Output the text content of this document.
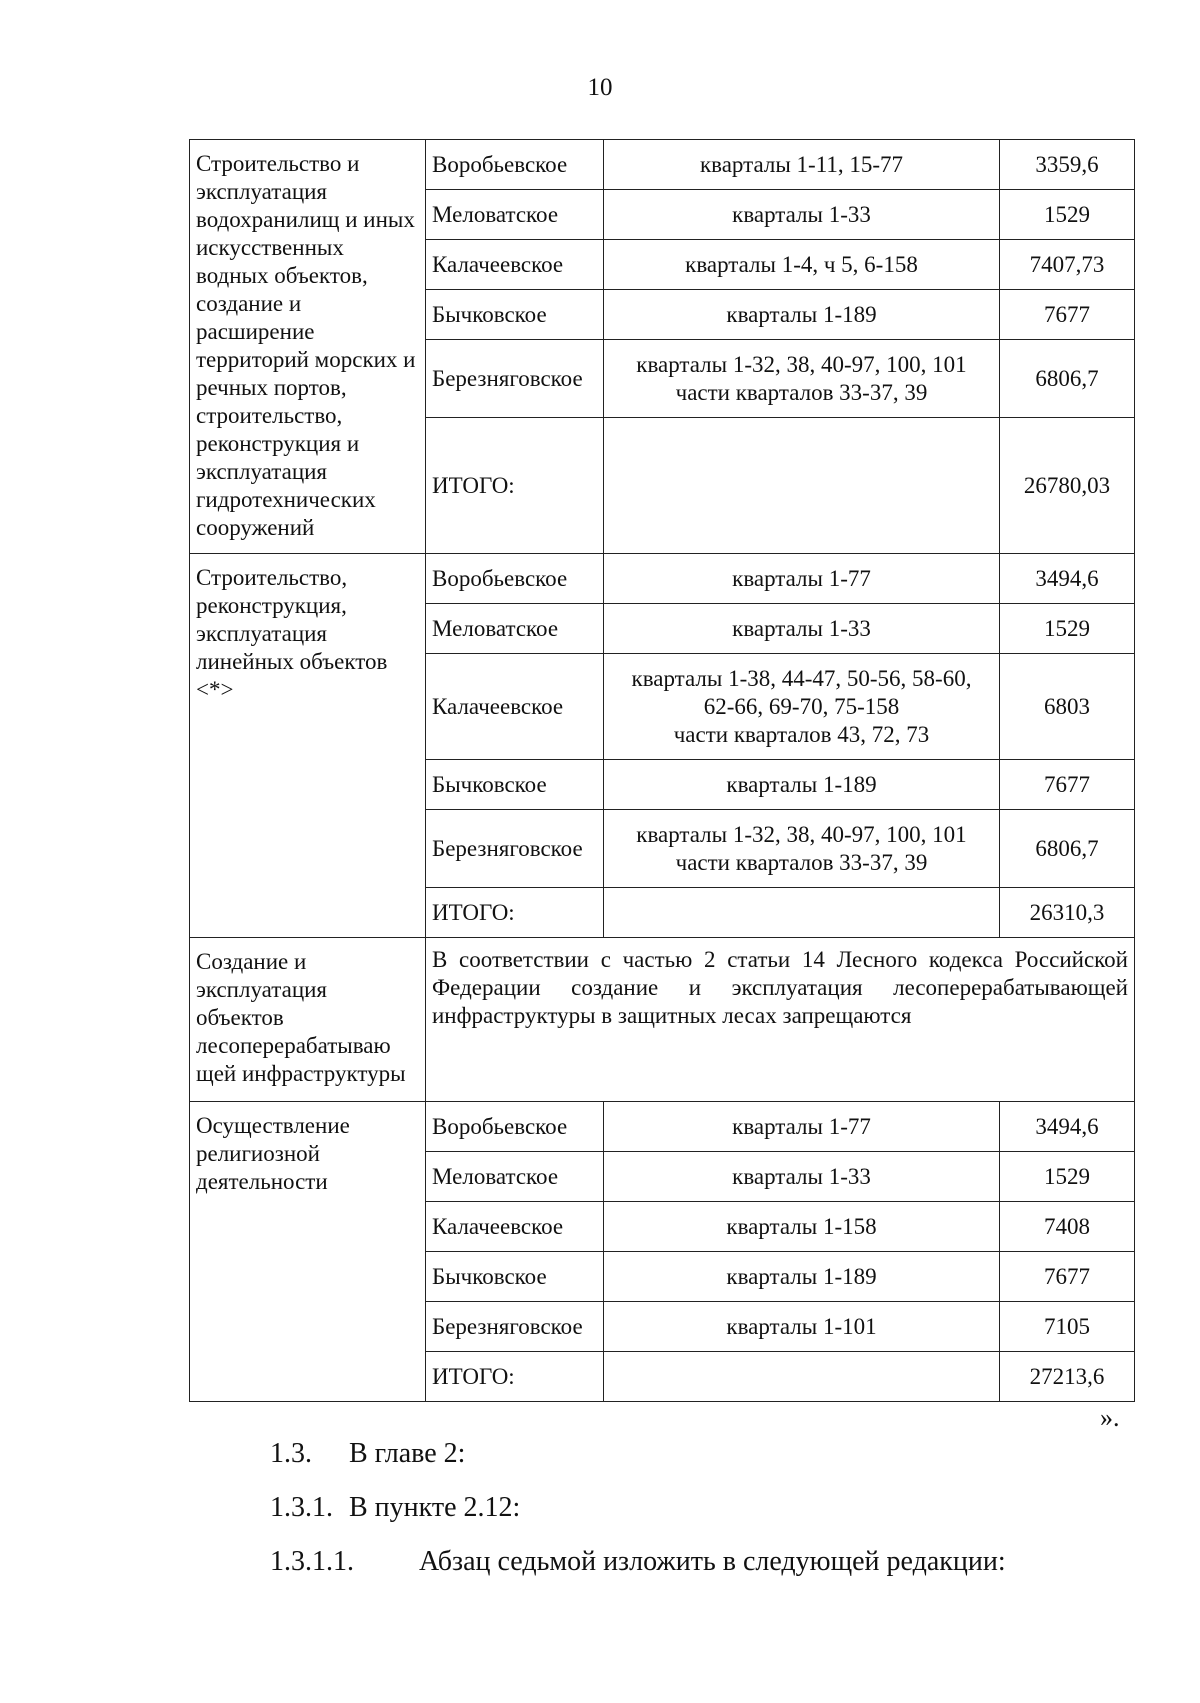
10
Строительство и эксплуатация водохранилищ и иных искусственных водных объектов, создание и расширение территорий морских и речных портов, строительство, реконструкция и эксплуатация гидротехнических сооружений	Воробьевское	кварталы 1-11, 15-77	3359,6
	Меловатское	кварталы 1-33	1529
	Калачеевское	кварталы 1-4, ч 5, 6-158	7407,73
	Бычковское	кварталы 1-189	7677
	Березняговское	кварталы 1-32, 38, 40-97, 100, 101
части кварталов 33-37, 39	6806,7
	ИТОГО:		26780,03
Строительство, реконструкция, эксплуатация линейных объектов <*>	Воробьевское	кварталы 1-77	3494,6
	Меловатское	кварталы 1-33	1529
	Калачеевское	кварталы 1-38, 44-47, 50-56, 58-60,
62-66, 69-70, 75-158
части кварталов 43, 72, 73	6803
	Бычковское	кварталы 1-189	7677
	Березняговское	кварталы 1-32, 38, 40-97, 100, 101
части кварталов 33-37, 39	6806,7
	ИТОГО:		26310,3
Создание и эксплуатация объектов лесоперерабатываю щей инфраструктуры	В соответствии с частью 2 статьи 14 Лесного кодекса Российской Федерации создание и эксплуатация лесоперерабатывающей инфраструктуры в защитных лесах запрещаются		
Осуществление религиозной деятельности	Воробьевское	кварталы 1-77	3494,6
	Меловатское	кварталы 1-33	1529
	Калачеевское	кварталы 1-158	7408
	Бычковское	кварталы 1-189	7677
	Березняговское	кварталы 1-101	7105
	ИТОГО:		27213,6
».
1.3. В главе 2:
1.3.1. В пункте 2.12:
1.3.1.1. Абзац седьмой изложить в следующей редакции:
